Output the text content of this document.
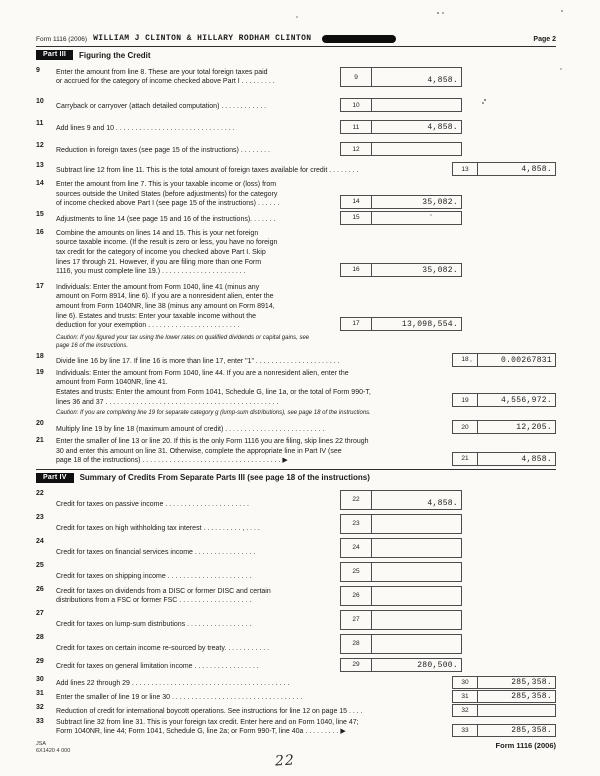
Form 1116 (2006) WILLIAM J CLINTON & HILLARY RODHAM CLINTON	Page 2
Part III	Figuring the Credit
9	Enter the amount from line 8. These are your total foreign taxes paid
or accrued for the category of income checked above Part I . . . . . . . . .
9	4,858.
10
Carryback or carryover (attach detailed computation) . . . . . . . . . . . .	10
11
Add lines 9 and 10 . . . . . . . . . . . . . . . . . . . . . . . . . . . . . . .	11	4,858.
12
Reduction in foreign taxes (see page 15 of the instructions) . . . . . . . .	12
13
Subtract line 12 from line 11. This is the total amount of foreign taxes available for credit . . . . . . . .	13	4,858.
14	Enter the amount from line 7. This is your taxable income or (loss) from
sources outside the United States (before adjustments) for the category
of income checked above Part I (see page 15 of the instructions) . . . . . .	14	35,082.
15
Adjustments to line 14 (see page 15 and 16 of the instructions). . . . . . .	15
16	Combine the amounts on lines 14 and 15. This is your net foreign
source taxable income. (If the result is zero or less, you have no foreign
tax credit for the category of income you checked above Part I. Skip
lines 17 through 21. However, if you are filing more than one Form
1116, you must complete line 19.) . . . . . . . . . . . . . . . . . . . . . .	16	35,082.
17	Individuals: Enter the amount from Form 1040, line 41 (minus any
amount on Form 8914, line 6). If you are a nonresident alien, enter the
amount from Form 1040NR, line 38 (minus any amount on Form 8914,
line 6). Estates and trusts: Enter your taxable income without the
deduction for your exemption . . . . . . . . . . . . . . . . . . . . . . . .	17	13,098,554.
Caution: If you figured your tax using the lower rates on qualified dividends or capital gains, see
page 16 of the instructions.
18
Divide line 16 by line 17. If line 16 is more than line 17, enter "1" . . . . . . . . . . . . . . . . . . . . . .	18	0.00267831
19	Individuals: Enter the amount from Form 1040, line 44. If you are a nonresident alien, enter the
amount from Form 1040NR, line 41.
Estates and trusts: Enter the amount from Form 1041, Schedule G, line 1a, or the total of Form 990-T,
lines 36 and 37 . . . . . . . . . . . . . . . . . . . . . . . . . . . . . . . . . . . . . . . . . . . . .	19	4,556,972.
Caution: If you are completing line 19 for separate category g (lump-sum distributions), see page 18 of the instructions.
20
Multiply line 19 by line 18 (maximum amount of credit) . . . . . . . . . . . . . . . . . . . . . . . . . .	20	12,205.
21	Enter the smaller of line 13 or line 20. If this is the only Form 1116 you are filing, skip lines 22 through
30 and enter this amount on line 31. Otherwise, complete the appropriate line in Part IV (see
page 18 of the instructions) . . . . . . . . . . . . . . . . . . . . . . . . . . . . . . . . . . . . ▶	21	4,858.
Part IV	Summary of Credits From Separate Parts III (see page 18 of the instructions)
22
Credit for taxes on passive income . . . . . . . . . . . . . . . . . . . . . .
22	4,858.
23
Credit for taxes on high withholding tax interest . . . . . . . . . . , . . . .
23
24
Credit for taxes on financial services income . . . . . . . . . . . . . . . .
24
25
Credit for taxes on shipping income . . . . . . . . . . . . . . . . . . . . . .
25
26	Credit for taxes on dividends from a DISC or former DISC and certain
distributions from a FSC or former FSC . . . . . . . . . . . . . . . . . . .
26
27
Credit for taxes on lump-sum distributions . . . . . . . . . . . . . . . . .
27
28
Credit for taxes on certain income re-sourced by treaty. . . . . . . . . . . .
28
29
Credit for taxes on general limitation income . . . . . . . . . . . . . . . . .	29	280,500.
30
Add lines 22 through 29 . . . . . . . . . . . . . . . . . . . . . . . . . . . . . . . . . . . . . . . . .	30	285,358.
31
Enter the smaller of line 19 or line 30 . . . . . . . . . . . . . . . . . . . . . . . . . . . . . . . . . .	31	285,358.
32
Reduction of credit for international boycott operations. See instructions for line 12 on page 15 . . . .	32
33	Subtract line 32 from line 31. This is your foreign tax credit. Enter here and on Form 1040, line 47;
Form 1040NR, line 44; Form 1041, Schedule G, line 2a; or Form 990-T, line 40a . . . . . . . . . ▶	33	285,358.
JSA
6X1420 4 000
22
Form 1116 (2006)
